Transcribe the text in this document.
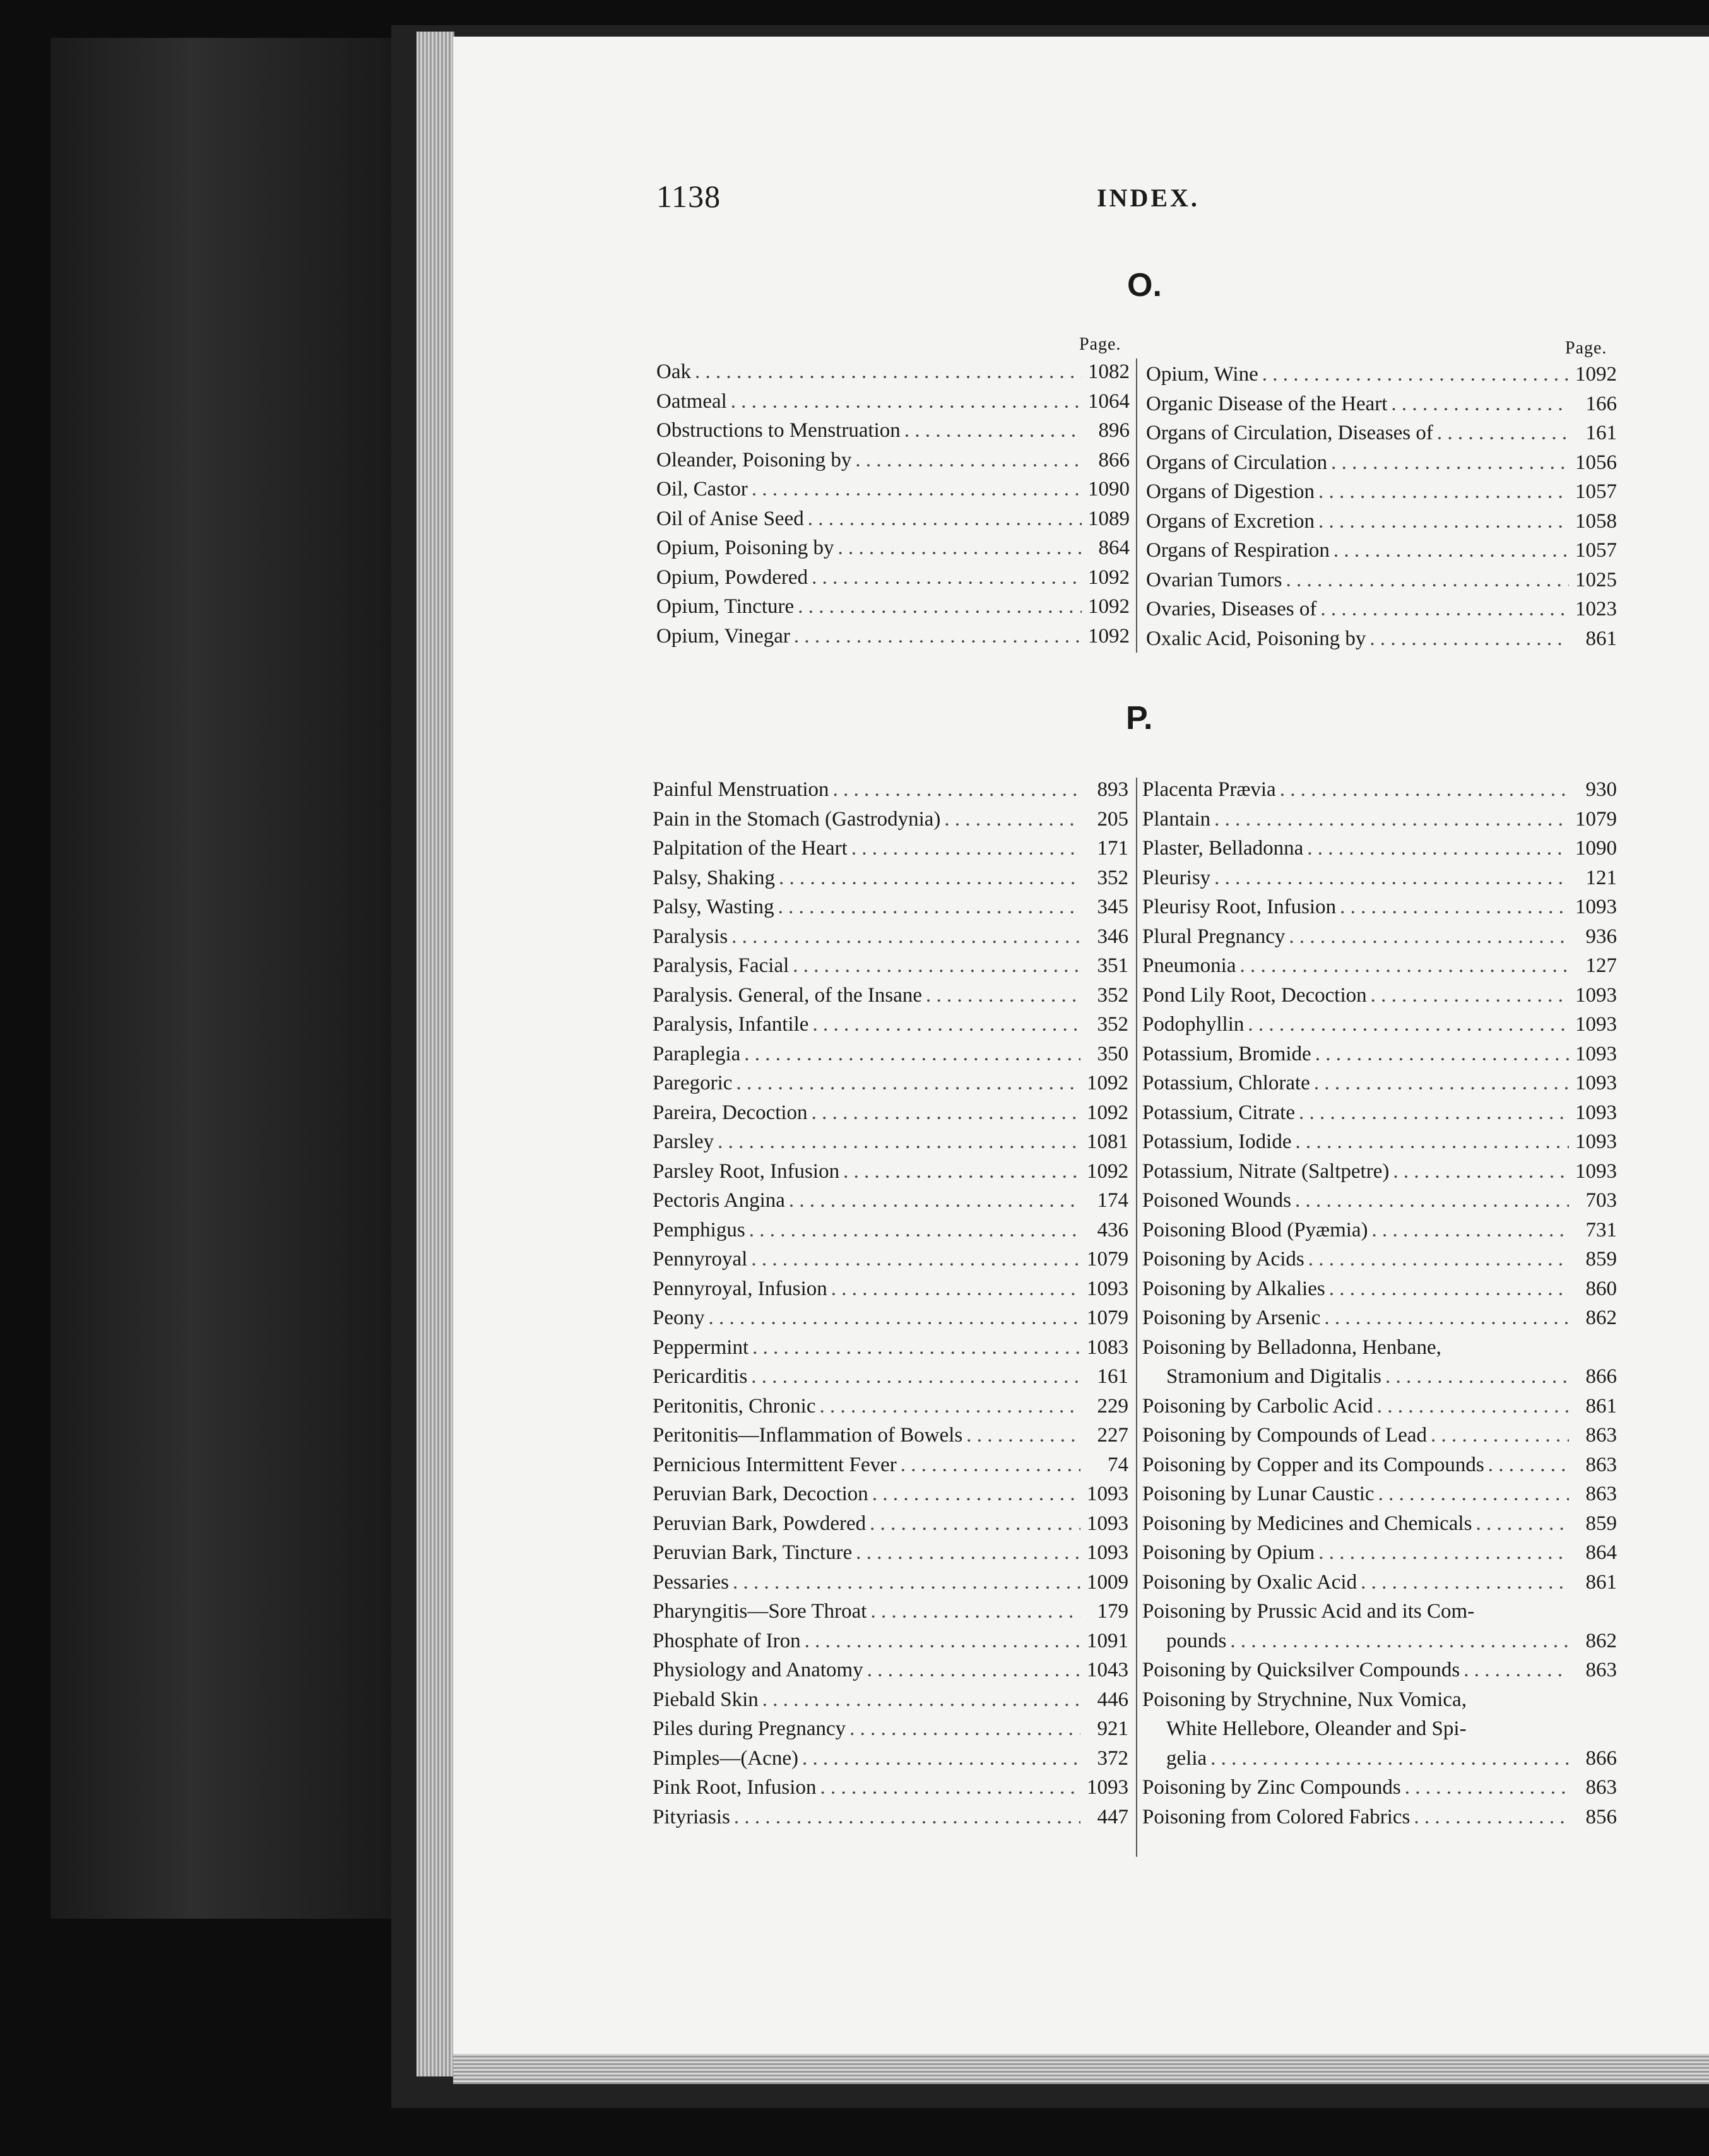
1138	INDEX.
O.
Page.	Page.
Oak . . .	1082
Oatmeal . . .	1064
Obstructions to Menstruation . . .	896
Oleander, Poisoning by . . .	866
Oil, Castor . . .	1090
Oil of Anise Seed . . .	1089
Opium, Poisoning by . . .	864
Opium, Powdered . . .	1092
Opium, Tincture . . .	1092
Opium, Vinegar . . .	1092
Opium, Wine . . .	1092
Organic Disease of the Heart . . .	166
Organs of Circulation, Diseases of . . .	161
Organs of Circulation . . .	1056
Organs of Digestion . . .	1057
Organs of Excretion . . .	1058
Organs of Respiration . . .	1057
Ovarian Tumors . . .	1025
Ovaries, Diseases of . . .	1023
Oxalic Acid, Poisoning by . . .	861
P.
Painful Menstruation . . .	893
Pain in the Stomach (Gastrodynia) . . .	205
Palpitation of the Heart . . .	171
Palsy, Shaking . . .	352
Palsy, Wasting . . .	345
Paralysis . . .	346
Paralysis, Facial . . .	351
Paralysis. General, of the Insane . . .	352
Paralysis, Infantile . . .	352
Paraplegia . . .	350
Paregoric . . .	1092
Pareira, Decoction . . .	1092
Parsley . . .	1081
Parsley Root, Infusion . . .	1092
Pectoris Angina . . .	174
Pemphigus . . .	436
Pennyroyal . . .	1079
Pennyroyal, Infusion . . .	1093
Peony . . .	1079
Peppermint . . .	1083
Pericarditis . . .	161
Peritonitis, Chronic . . .	229
Peritonitis—Inflammation of Bowels . . .	227
Pernicious Intermittent Fever . . .	74
Peruvian Bark, Decoction . . .	1093
Peruvian Bark, Powdered . . .	1093
Peruvian Bark, Tincture . . .	1093
Pessaries . . .	1009
Pharyngitis—Sore Throat . . .	179
Phosphate of Iron . . .	1091
Physiology and Anatomy . . .	1043
Piebald Skin . . .	446
Piles during Pregnancy . . .	921
Pimples—(Acne) . . .	372
Pink Root, Infusion . . .	1093
Pityriasis . . .	447
Placenta Prævia . . .	930
Plantain . . .	1079
Plaster, Belladonna . . .	1090
Pleurisy . . .	121
Pleurisy Root, Infusion . . .	1093
Plural Pregnancy . . .	936
Pneumonia . . .	127
Pond Lily Root, Decoction . . .	1093
Podophyllin . . .	1093
Potassium, Bromide . . .	1093
Potassium, Chlorate . . .	1093
Potassium, Citrate . . .	1093
Potassium, Iodide . . .	1093
Potassium, Nitrate (Saltpetre) . . .	1093
Poisoned Wounds . . .	703
Poisoning Blood (Pyæmia) . . .	731
Poisoning by Acids . . .	859
Poisoning by Alkalies . . .	860
Poisoning by Arsenic . . .	862
Poisoning by Belladonna, Henbane,
Stramonium and Digitalis . . .	866
Poisoning by Carbolic Acid . . .	861
Poisoning by Compounds of Lead . . .	863
Poisoning by Copper and its Compounds . . .	863
Poisoning by Lunar Caustic . . .	863
Poisoning by Medicines and Chemicals . . .	859
Poisoning by Opium . . .	864
Poisoning by Oxalic Acid . . .	861
Poisoning by Prussic Acid and its Com-
pounds . . .	862
Poisoning by Quicksilver Compounds . . .	863
Poisoning by Strychnine, Nux Vomica,
White Hellebore, Oleander and Spi-
gelia . . .	866
Poisoning by Zinc Compounds . . .	863
Poisoning from Colored Fabrics . . .	856
